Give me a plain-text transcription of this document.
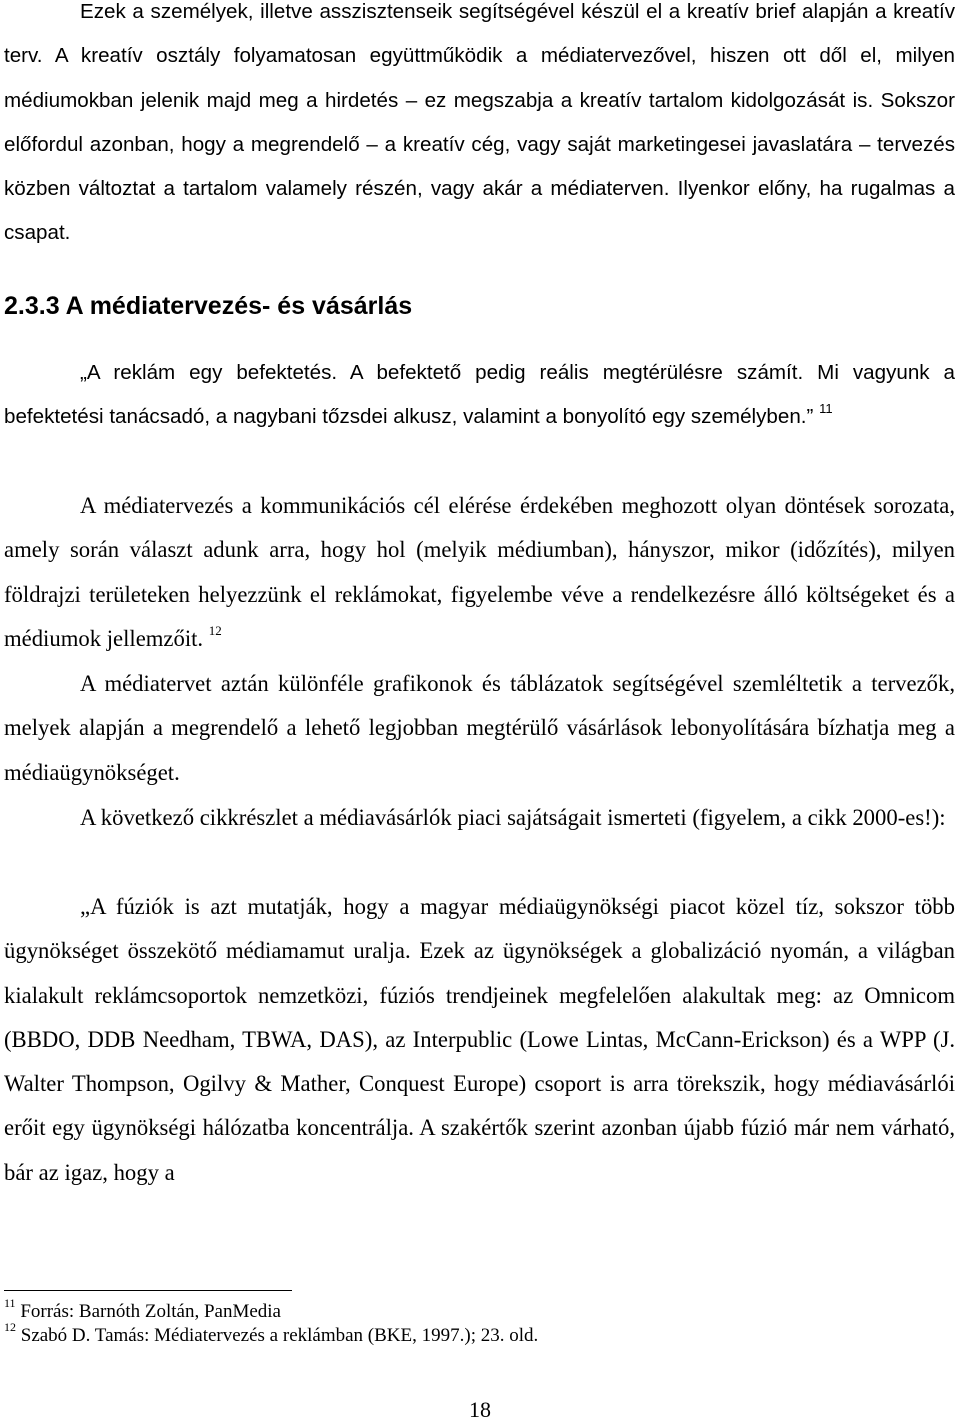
Ezek a személyek, illetve asszisztenseik segítségével készül el a kreatív brief alapján a kreatív terv. A kreatív osztály folyamatosan együttműködik a médiatervezővel, hiszen ott dől el, milyen médiumokban jelenik majd meg a hirdetés – ez megszabja a kreatív tartalom kidolgozását is. Sokszor előfordul azonban, hogy a megrendelő – a kreatív cég, vagy saját marketingesei javaslatára – tervezés közben változtat a tartalom valamely részén, vagy akár a médiaterven. Ilyenkor előny, ha rugalmas a csapat.

2.3.3 A médiatervezés- és vásárlás

„A reklám egy befektetés. A befektető pedig reális megtérülésre számít. Mi vagyunk a befektetési tanácsadó, a nagybani tőzsdei alkusz, valamint a bonyolító egy személyben.” $^{11}$

A médiatervezés a kommunikációs cél elérése érdekében meghozott olyan döntések sorozata, amely során választ adunk arra, hogy hol (melyik médiumban), hányszor, mikor (időzítés), milyen földrajzi területeken helyezzünk el reklámokat, figyelembe véve a rendelkezésre álló költségeket és a médiumok jellemzőit. $^{12}$

A médiatervet aztán különféle grafikonok és táblázatok segítségével szemléltetik a tervezők, melyek alapján a megrendelő a lehető legjobban megtérülő vásárlások lebonyolítására bízhatja meg a médiaügynökséget.

A következő cikkrészlet a médiavásárlók piaci sajátságait ismerteti (figyelem, a cikk 2000-es!):

„A fúziók is azt mutatják, hogy a magyar médiaügynökségi piacot közel tíz, sokszor több ügynökséget összekötő médiamamut uralja. Ezek az ügynökségek a globalizáció nyomán, a világban kialakult reklámcsoportok nemzetközi, fúziós trendjeinek megfelelően alakultak meg: az Omnicom (BBDO, DDB Needham, TBWA, DAS), az Interpublic (Lowe Lintas, McCann-Erickson) és a WPP (J. Walter Thompson, Ogilvy & Mather, Conquest Europe) csoport is arra törekszik, hogy médiavásárlói erőit egy ügynökségi hálózatba koncentrálja. A szakértők szerint azonban újabb fúzió már nem várható, bár az igaz, hogy a

$^{11}$ Forrás: Barnóth Zoltán, PanMedia

$^{12}$ Szabó D. Tamás: Médiatervezés a reklámban (BKE, 1997.); 23. old.

18
